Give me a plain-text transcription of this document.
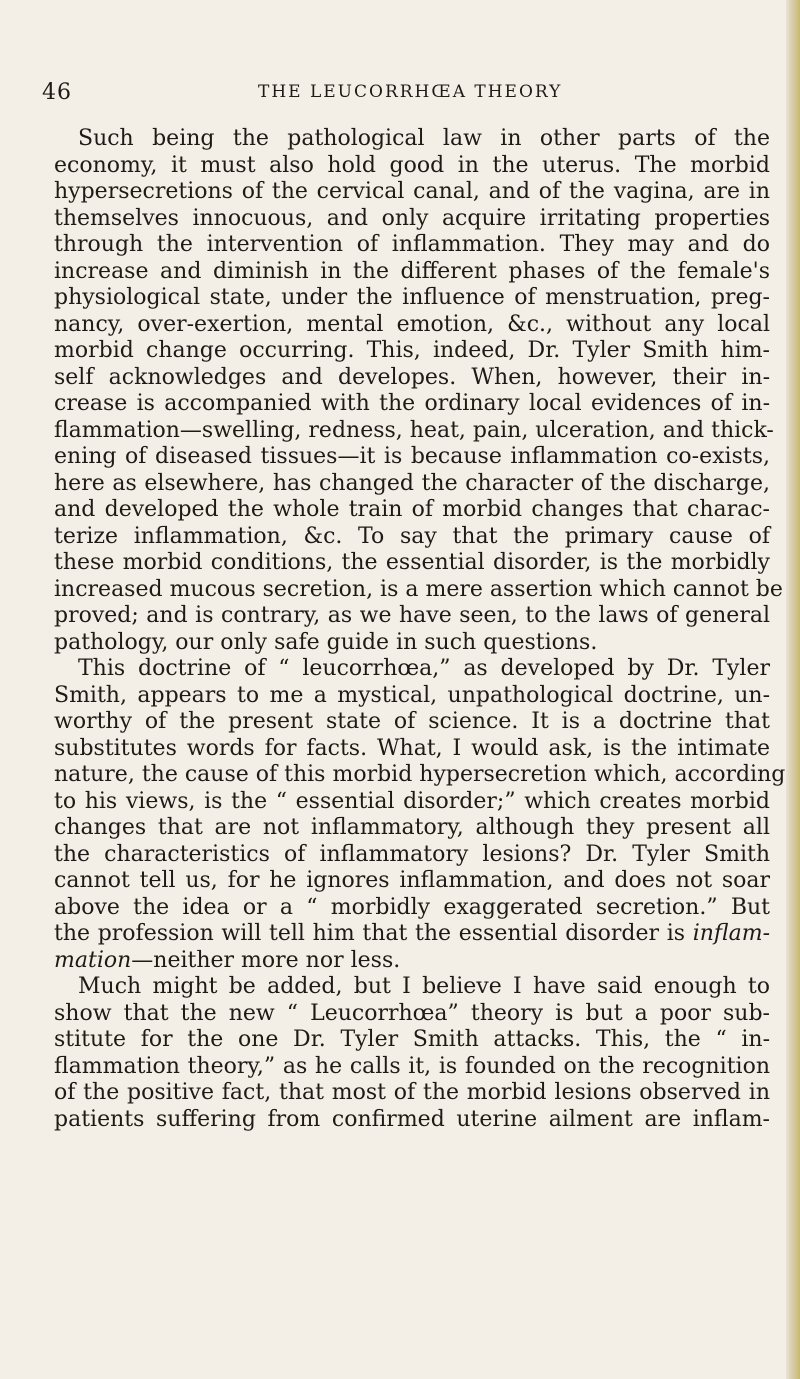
46	THE LEUCORRHŒA THEORY
Such being the pathological law in other parts of the
economy, it must also hold good in the uterus. The morbid
hypersecretions of the cervical canal, and of the vagina, are in
themselves innocuous, and only acquire irritating properties
through the intervention of inflammation. They may and do
increase and diminish in the different phases of the female's
physiological state, under the influence of menstruation, preg-
nancy, over-exertion, mental emotion, &c., without any local
morbid change occurring. This, indeed, Dr. Tyler Smith him-
self acknowledges and developes. When, however, their in-
crease is accompanied with the ordinary local evidences of in-
flammation—swelling, redness, heat, pain, ulceration, and thick-
ening of diseased tissues—it is because inflammation co-exists,
here as elsewhere, has changed the character of the discharge,
and developed the whole train of morbid changes that charac-
terize inflammation, &c. To say that the primary cause of
these morbid conditions, the essential disorder, is the morbidly
increased mucous secretion, is a mere assertion which cannot be
proved; and is contrary, as we have seen, to the laws of general
pathology, our only safe guide in such questions.
This doctrine of “ leucorrhœa,” as developed by Dr. Tyler
Smith, appears to me a mystical, unpathological doctrine, un-
worthy of the present state of science. It is a doctrine that
substitutes words for facts. What, I would ask, is the intimate
nature, the cause of this morbid hypersecretion which, according
to his views, is the “ essential disorder;” which creates morbid
changes that are not inflammatory, although they present all
the characteristics of inflammatory lesions? Dr. Tyler Smith
cannot tell us, for he ignores inflammation, and does not soar
above the idea or a “ morbidly exaggerated secretion.” But
the profession will tell him that the essential disorder is inflam-
mation—neither more nor less.
Much might be added, but I believe I have said enough to
show that the new “ Leucorrhœa” theory is but a poor sub-
stitute for the one Dr. Tyler Smith attacks. This, the “ in-
flammation theory,” as he calls it, is founded on the recognition
of the positive fact, that most of the morbid lesions observed in
patients suffering from confirmed uterine ailment are inflam-
